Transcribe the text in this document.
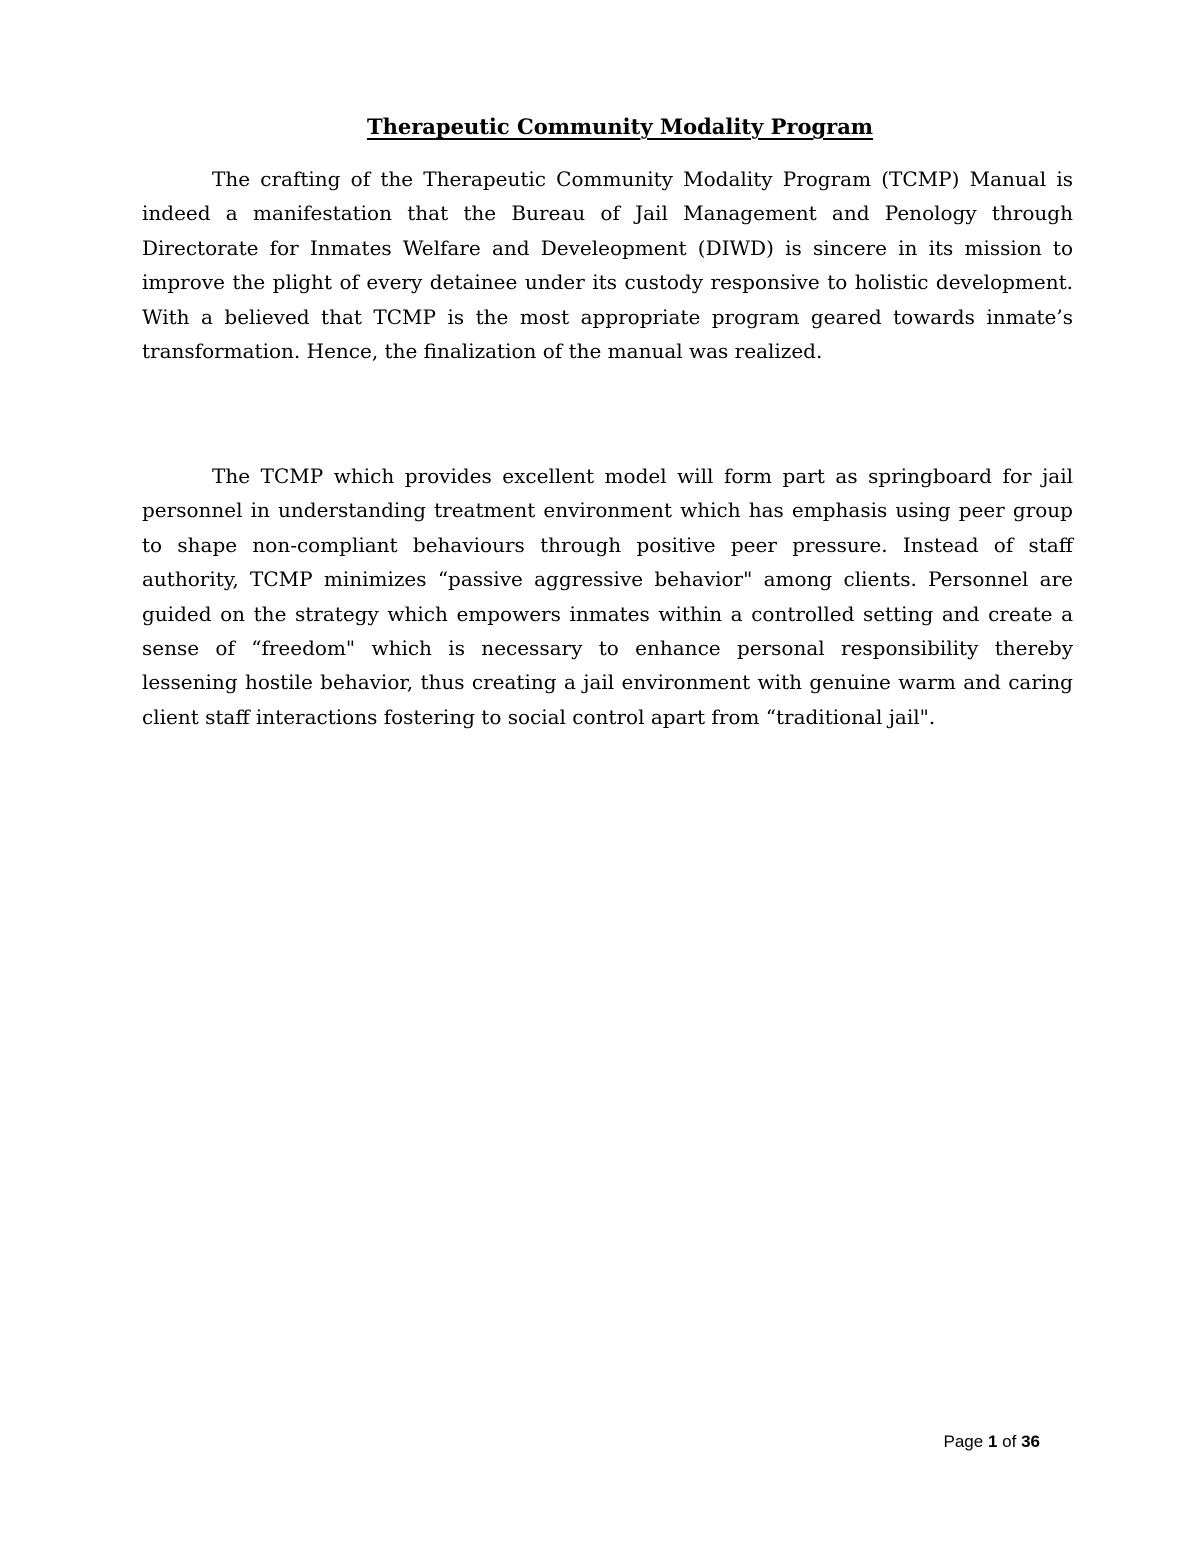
Therapeutic Community Modality Program

The crafting of the Therapeutic Community Modality Program (TCMP) Manual is indeed a manifestation that the Bureau of Jail Management and Penology through Directorate for Inmates Welfare and Develeopment (DIWD) is sincere in its mission to improve the plight of every detainee under its custody responsive to holistic development. With a believed that TCMP is the most appropriate program geared towards inmate’s transformation. Hence, the finalization of the manual was realized.

The TCMP which provides excellent model will form part as springboard for jail personnel in understanding treatment environment which has emphasis using peer group to shape non-compliant behaviours through positive peer pressure. Instead of staff authority, TCMP minimizes “passive aggressive behavior" among clients. Personnel are guided on the strategy which empowers inmates within a controlled setting and create a sense of “freedom" which is necessary to enhance personal responsibility thereby lessening hostile behavior, thus creating a jail environment with genuine warm and caring client staff interactions fostering to social control apart from “traditional jail".

Page 1 of 36
